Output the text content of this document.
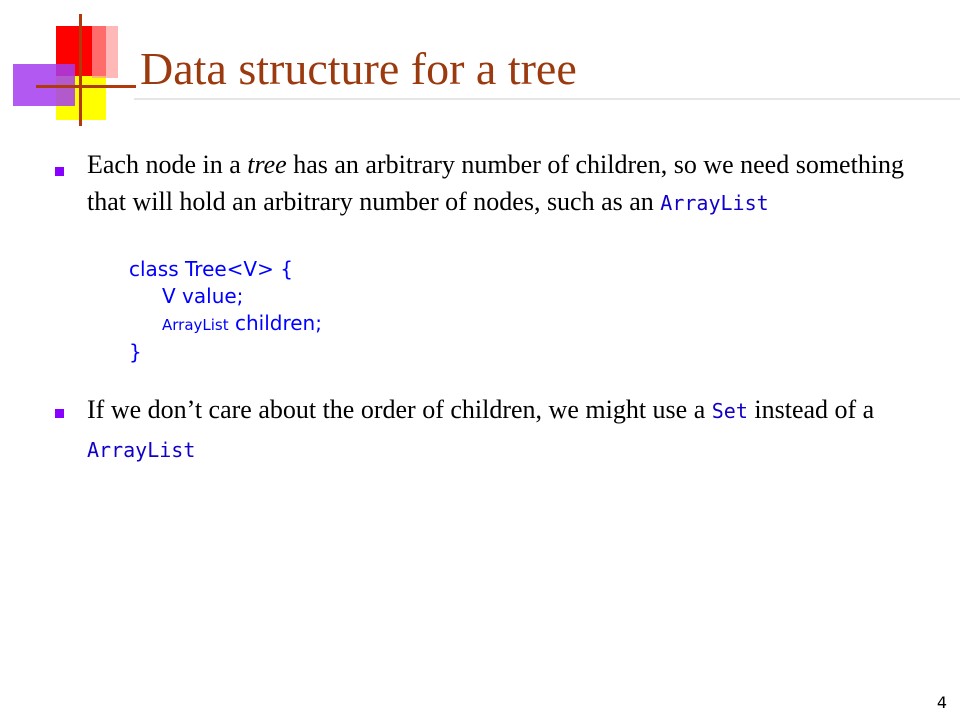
Data structure for a tree

Each node in a tree has an arbitrary number of children, so we need something that will hold an arbitrary number of nodes, such as an ArrayList

class Tree<V> {
V value;
ArrayList children;
}

If we don’t care about the order of children, we might use a Set instead of a ArrayList

4
